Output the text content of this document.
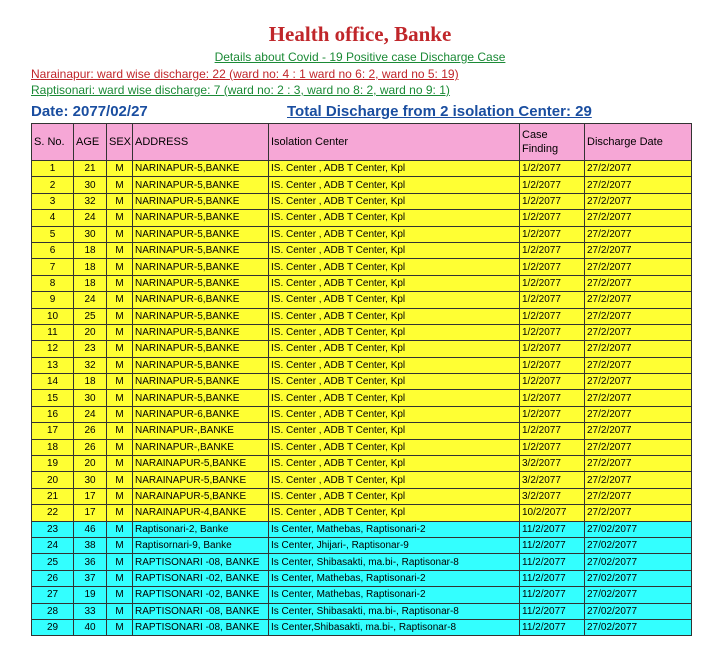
Health office, Banke
Details about Covid - 19 Positive case Discharge Case
Narainapur: ward wise discharge: 22 (ward no: 4 : 1 ward no 6: 2, ward no 5: 19)
Raptisonari: ward wise discharge: 7 (ward no: 2 : 3, ward no 8: 2, ward no 9: 1)
Date: 2077/02/27	Total Discharge from 2 isolation Center: 29
S. No.	AGE	SEX	ADDRESS	Isolation Center	Case Finding	Discharge Date
1	21	M	NARINAPUR-5,BANKE	IS. Center , ADB T Center, Kpl	1/2/2077	27/2/2077
2	30	M	NARINAPUR-5,BANKE	IS. Center , ADB T Center, Kpl	1/2/2077	27/2/2077
3	32	M	NARINAPUR-5,BANKE	IS. Center , ADB T Center, Kpl	1/2/2077	27/2/2077
4	24	M	NARINAPUR-5,BANKE	IS. Center , ADB T Center, Kpl	1/2/2077	27/2/2077
5	30	M	NARINAPUR-5,BANKE	IS. Center , ADB T Center, Kpl	1/2/2077	27/2/2077
6	18	M	NARINAPUR-5,BANKE	IS. Center , ADB T Center, Kpl	1/2/2077	27/2/2077
7	18	M	NARINAPUR-5,BANKE	IS. Center , ADB T Center, Kpl	1/2/2077	27/2/2077
8	18	M	NARINAPUR-5,BANKE	IS. Center , ADB T Center, Kpl	1/2/2077	27/2/2077
9	24	M	NARINAPUR-6,BANKE	IS. Center , ADB T Center, Kpl	1/2/2077	27/2/2077
10	25	M	NARINAPUR-5,BANKE	IS. Center , ADB T Center, Kpl	1/2/2077	27/2/2077
11	20	M	NARINAPUR-5,BANKE	IS. Center , ADB T Center, Kpl	1/2/2077	27/2/2077
12	23	M	NARINAPUR-5,BANKE	IS. Center , ADB T Center, Kpl	1/2/2077	27/2/2077
13	32	M	NARINAPUR-5,BANKE	IS. Center , ADB T Center, Kpl	1/2/2077	27/2/2077
14	18	M	NARINAPUR-5,BANKE	IS. Center , ADB T Center, Kpl	1/2/2077	27/2/2077
15	30	M	NARINAPUR-5,BANKE	IS. Center , ADB T Center, Kpl	1/2/2077	27/2/2077
16	24	M	NARINAPUR-6,BANKE	IS. Center , ADB T Center, Kpl	1/2/2077	27/2/2077
17	26	M	NARINAPUR-,BANKE	IS. Center , ADB T Center, Kpl	1/2/2077	27/2/2077
18	26	M	NARINAPUR-,BANKE	IS. Center , ADB T Center, Kpl	1/2/2077	27/2/2077
19	20	M	NARAINAPUR-5,BANKE	IS. Center , ADB T Center, Kpl	3/2/2077	27/2/2077
20	30	M	NARAINAPUR-5,BANKE	IS. Center , ADB T Center, Kpl	3/2/2077	27/2/2077
21	17	M	NARAINAPUR-5,BANKE	IS. Center , ADB T Center, Kpl	3/2/2077	27/2/2077
22	17	M	NARAINAPUR-4,BANKE	IS. Center , ADB T Center, Kpl	10/2/2077	27/2/2077
23	46	M	Raptisonari-2, Banke	Is Center, Mathebas, Raptisonari-2	11/2/2077	27/02/2077
24	38	M	Raptisornari-9, Banke	Is Center, Jhijari-, Raptisonar-9	11/2/2077	27/02/2077
25	36	M	RAPTISONARI -08, BANKE	Is Center, Shibasakti, ma.bi-, Raptisonar-8	11/2/2077	27/02/2077
26	37	M	RAPTISONARI -02, BANKE	Is Center, Mathebas, Raptisonari-2	11/2/2077	27/02/2077
27	19	M	RAPTISONARI -02, BANKE	Is Center, Mathebas, Raptisonari-2	11/2/2077	27/02/2077
28	33	M	RAPTISONARI -08, BANKE	Is Center, Shibasakti, ma.bi-, Raptisonar-8	11/2/2077	27/02/2077
29	40	M	RAPTISONARI -08, BANKE	Is Center,Shibasakti, ma.bi-, Raptisonar-8	11/2/2077	27/02/2077
